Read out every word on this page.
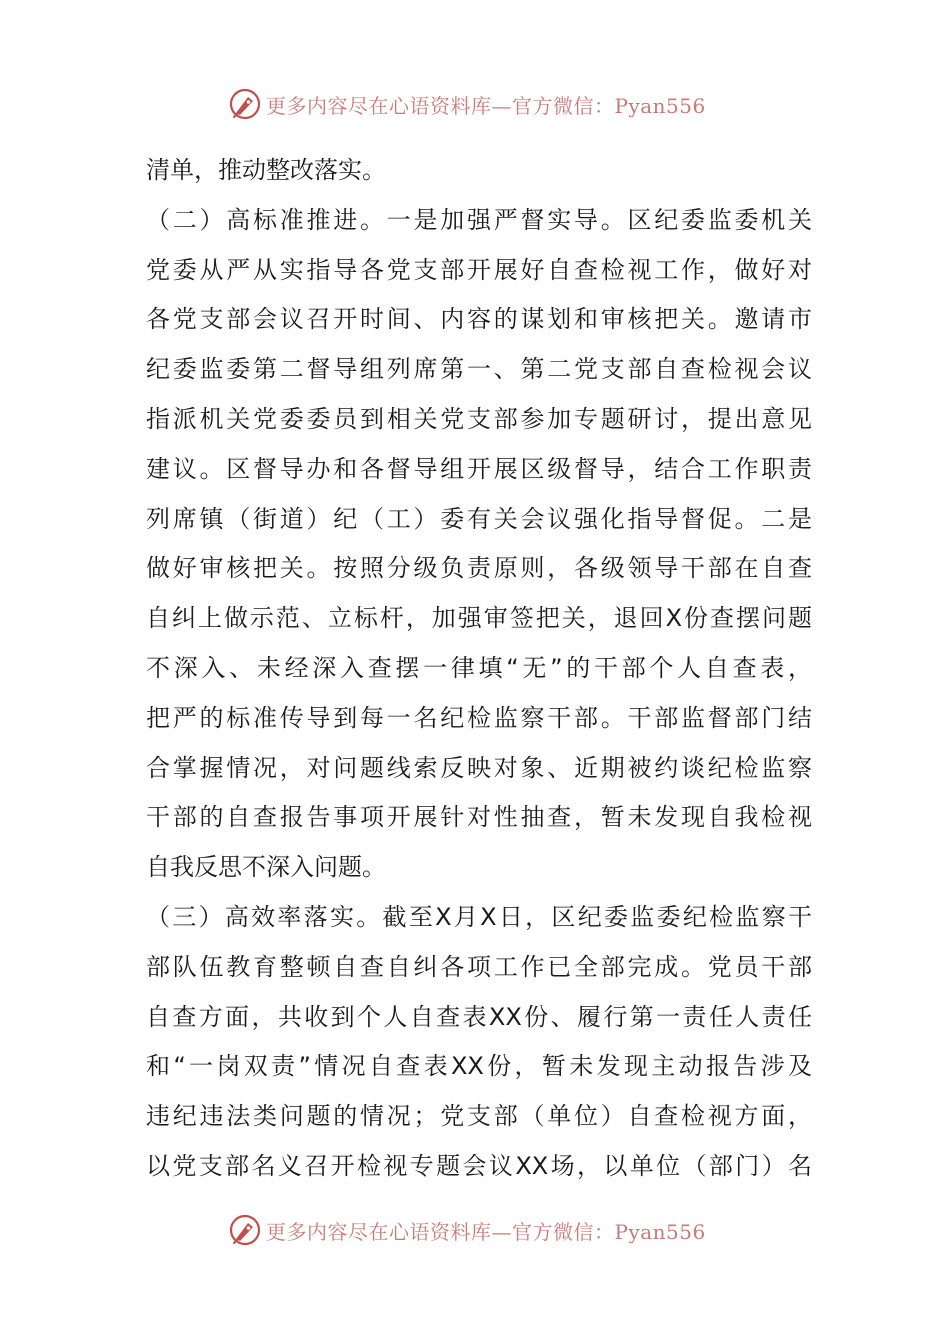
更多内容尽在心语资料库—官方微信：Pyan556
清单，推动整改落实。
（二）高标准推进。一是加强严督实导。区纪委监委机关
党委从严从实指导各党支部开展好自查检视工作，做好对
各党支部会议召开时间、内容的谋划和审核把关。邀请市
纪委监委第二督导组列席第一、第二党支部自查检视会议
指派机关党委委员到相关党支部参加专题研讨，提出意见
建议。区督导办和各督导组开展区级督导，结合工作职责
列席镇（街道）纪（工）委有关会议强化指导督促。二是
做好审核把关。按照分级负责原则，各级领导干部在自查
自纠上做示范、立标杆，加强审签把关，退回X份查摆问题
不深入、未经深入查摆一律填“无”的干部个人自查表，
把严的标准传导到每一名纪检监察干部。干部监督部门结
合掌握情况，对问题线索反映对象、近期被约谈纪检监察
干部的自查报告事项开展针对性抽查，暂未发现自我检视
自我反思不深入问题。
（三）高效率落实。截至X月X日，区纪委监委纪检监察干
部队伍教育整顿自查自纠各项工作已全部完成。党员干部
自查方面，共收到个人自查表XX份、履行第一责任人责任
和“一岗双责”情况自查表XX份，暂未发现主动报告涉及
违纪违法类问题的情况；党支部（单位）自查检视方面，
以党支部名义召开检视专题会议XX场，以单位（部门）名
更多内容尽在心语资料库—官方微信：Pyan556
